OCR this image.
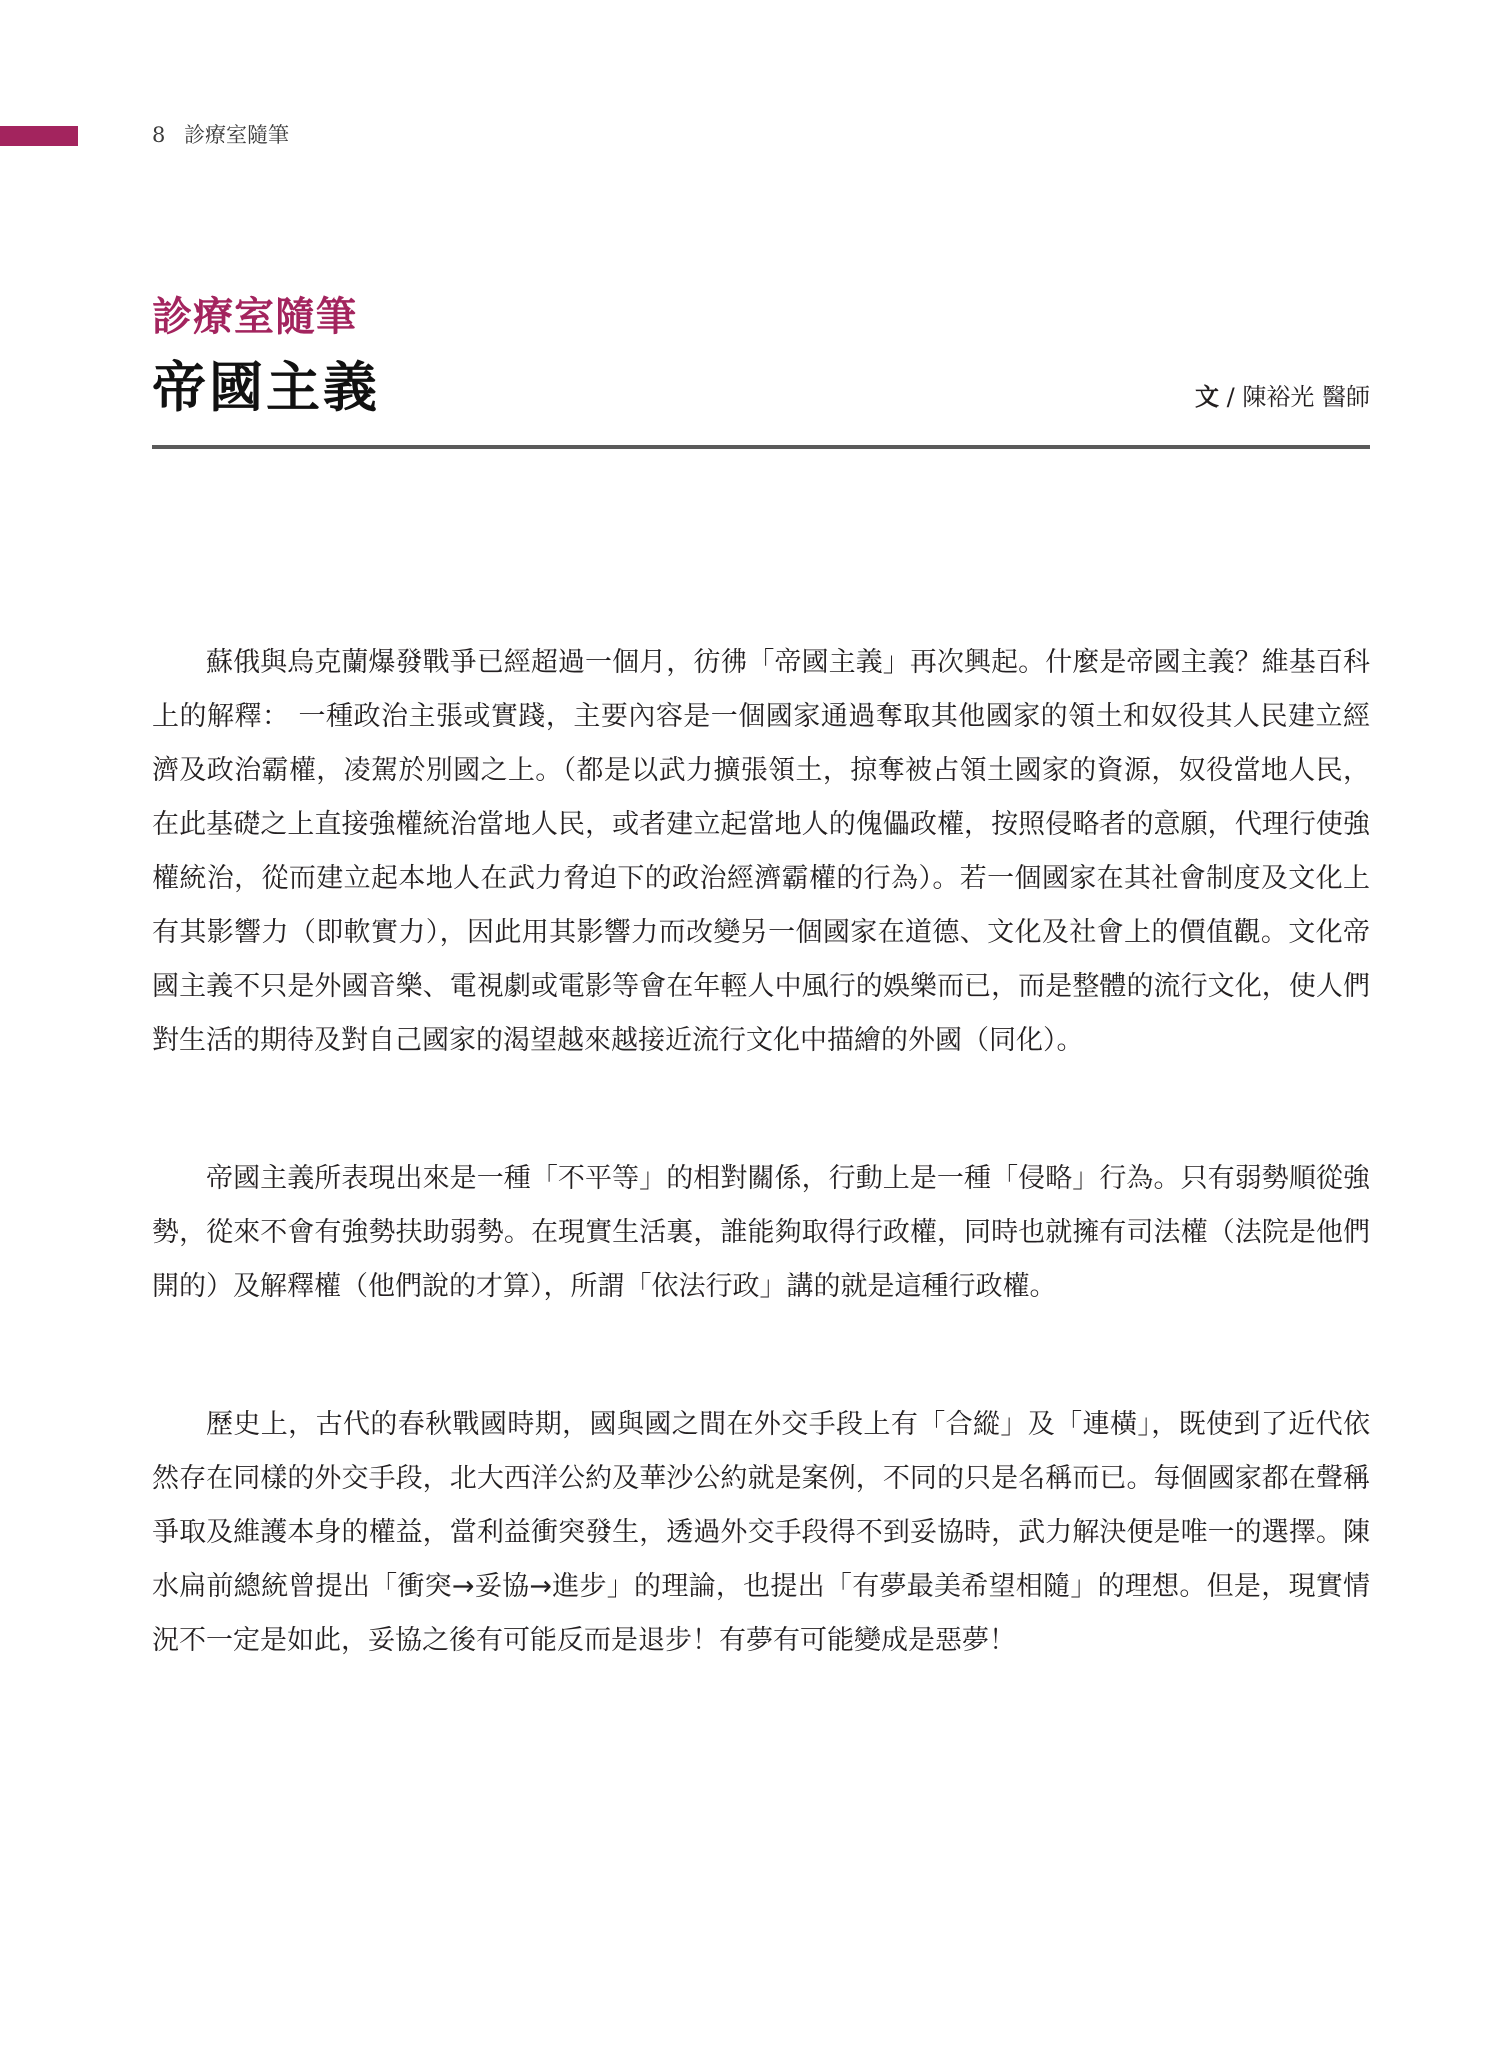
8 診療室隨筆
診療室隨筆
帝國主義	文 / 陳裕光 醫師

蘇俄與烏克蘭爆發戰爭已經超過一個月，彷彿「帝國主義」再次興起。什麼是帝國主義？維基百科上的解釋： 一種政治主張或實踐，主要內容是一個國家通過奪取其他國家的領土和奴役其人民建立經濟及政治霸權，凌駕於別國之上。（都是以武力擴張領土，掠奪被占領土國家的資源，奴役當地人民，在此基礎之上直接強權統治當地人民，或者建立起當地人的傀儡政權，按照侵略者的意願，代理行使強權統治，從而建立起本地人在武力脅迫下的政治經濟霸權的行為）。若一個國家在其社會制度及文化上有其影響力（即軟實力），因此用其影響力而改變另一個國家在道德、文化及社會上的價值觀。文化帝國主義不只是外國音樂、電視劇或電影等會在年輕人中風行的娛樂而已，而是整體的流行文化，使人們對生活的期待及對自己國家的渴望越來越接近流行文化中描繪的外國（同化）。

帝國主義所表現出來是一種「不平等」的相對關係，行動上是一種「侵略」行為。只有弱勢順從強勢，從來不會有強勢扶助弱勢。在現實生活裏，誰能夠取得行政權，同時也就擁有司法權（法院是他們開的）及解釋權（他們說的才算），所謂「依法行政」講的就是這種行政權。

歷史上，古代的春秋戰國時期，國與國之間在外交手段上有「合縱」及「連橫」，既使到了近代依然存在同樣的外交手段，北大西洋公約及華沙公約就是案例，不同的只是名稱而已。每個國家都在聲稱爭取及維護本身的權益，當利益衝突發生，透過外交手段得不到妥協時，武力解決便是唯一的選擇。陳水扁前總統曾提出「衝突→妥協→進步」的理論，也提出「有夢最美希望相隨」的理想。但是，現實情況不一定是如此，妥協之後有可能反而是退步！有夢有可能變成是惡夢！
